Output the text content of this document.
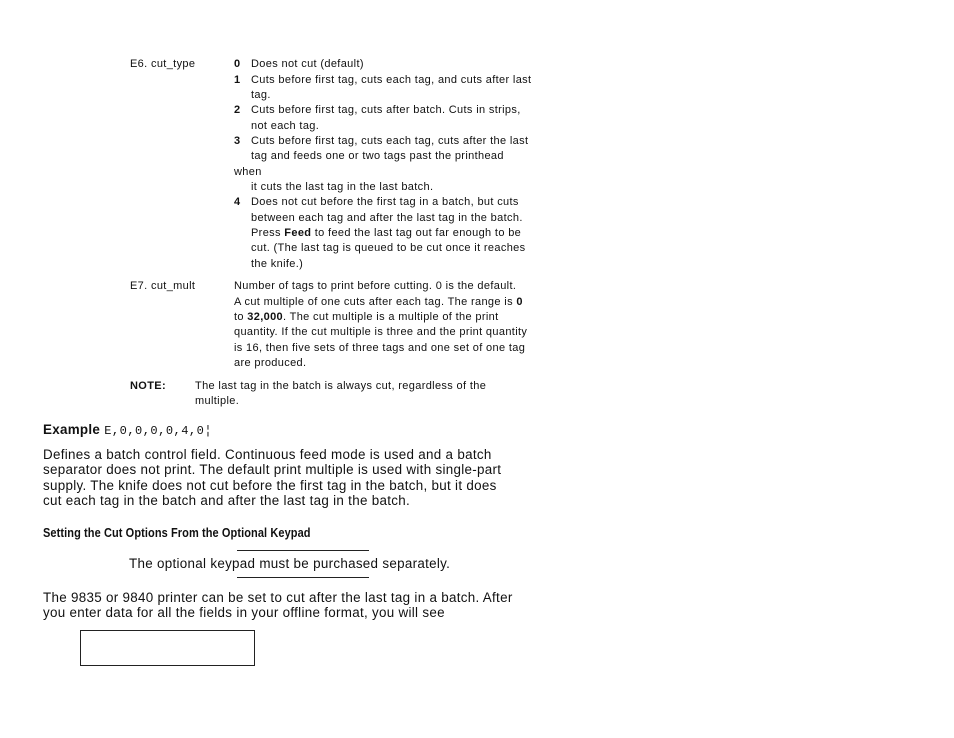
E6. cut_type	0 Does not cut (default)
1 Cuts before first tag, cuts each tag, and cuts after last
tag.
2 Cuts before first tag, cuts after batch. Cuts in strips,
not each tag.
3 Cuts before first tag, cuts each tag, cuts after the last
tag and feeds one or two tags past the printhead
when
it cuts the last tag in the last batch.
4 Does not cut before the first tag in a batch, but cuts
between each tag and after the last tag in the batch.
Press Feed to feed the last tag out far enough to be
cut. (The last tag is queued to be cut once it reaches
the knife.)
E7. cut_mult	Number of tags to print before cutting. 0 is the default.
A cut multiple of one cuts after each tag. The range is 0
to 32,000. The cut multiple is a multiple of the print
quantity. If the cut multiple is three and the print quantity
is 16, then five sets of three tags and one set of one tag
are produced.
NOTE:	The last tag in the batch is always cut, regardless of the
multiple.
Example E,0,0,0,0,4,0¦
Defines a batch control field. Continuous feed mode is used and a batch
separator does not print. The default print multiple is used with single-part
supply. The knife does not cut before the first tag in the batch, but it does
cut each tag in the batch and after the last tag in the batch.
Setting the Cut Options From the Optional Keypad
The optional keypad must be purchased separately.
The 9835 or 9840 printer can be set to cut after the last tag in a batch. After
you enter data for all the fields in your offline format, you will see
